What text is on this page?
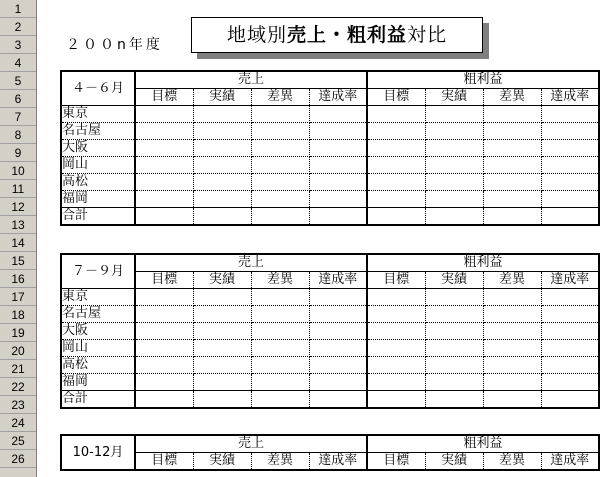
1
2
3
4
5
6
7
8
9
10
11
12
13
14
15
16
17
18
19
20
21
22
23
24
25
26
２００n年度	地域別売上・粗利益対比
４－６月	売上				粗利益			
	目標	実績	差異	達成率	目標	実績	差異	達成率
東京								
名古屋								
大阪								
岡山								
高松								
福岡								
合計								
７－９月	売上				粗利益			
	目標	実績	差異	達成率	目標	実績	差異	達成率
東京								
名古屋								
大阪								
岡山								
高松								
福岡								
合計								
10-12月	売上				粗利益			
	目標	実績	差異	達成率	目標	実績	差異	達成率
